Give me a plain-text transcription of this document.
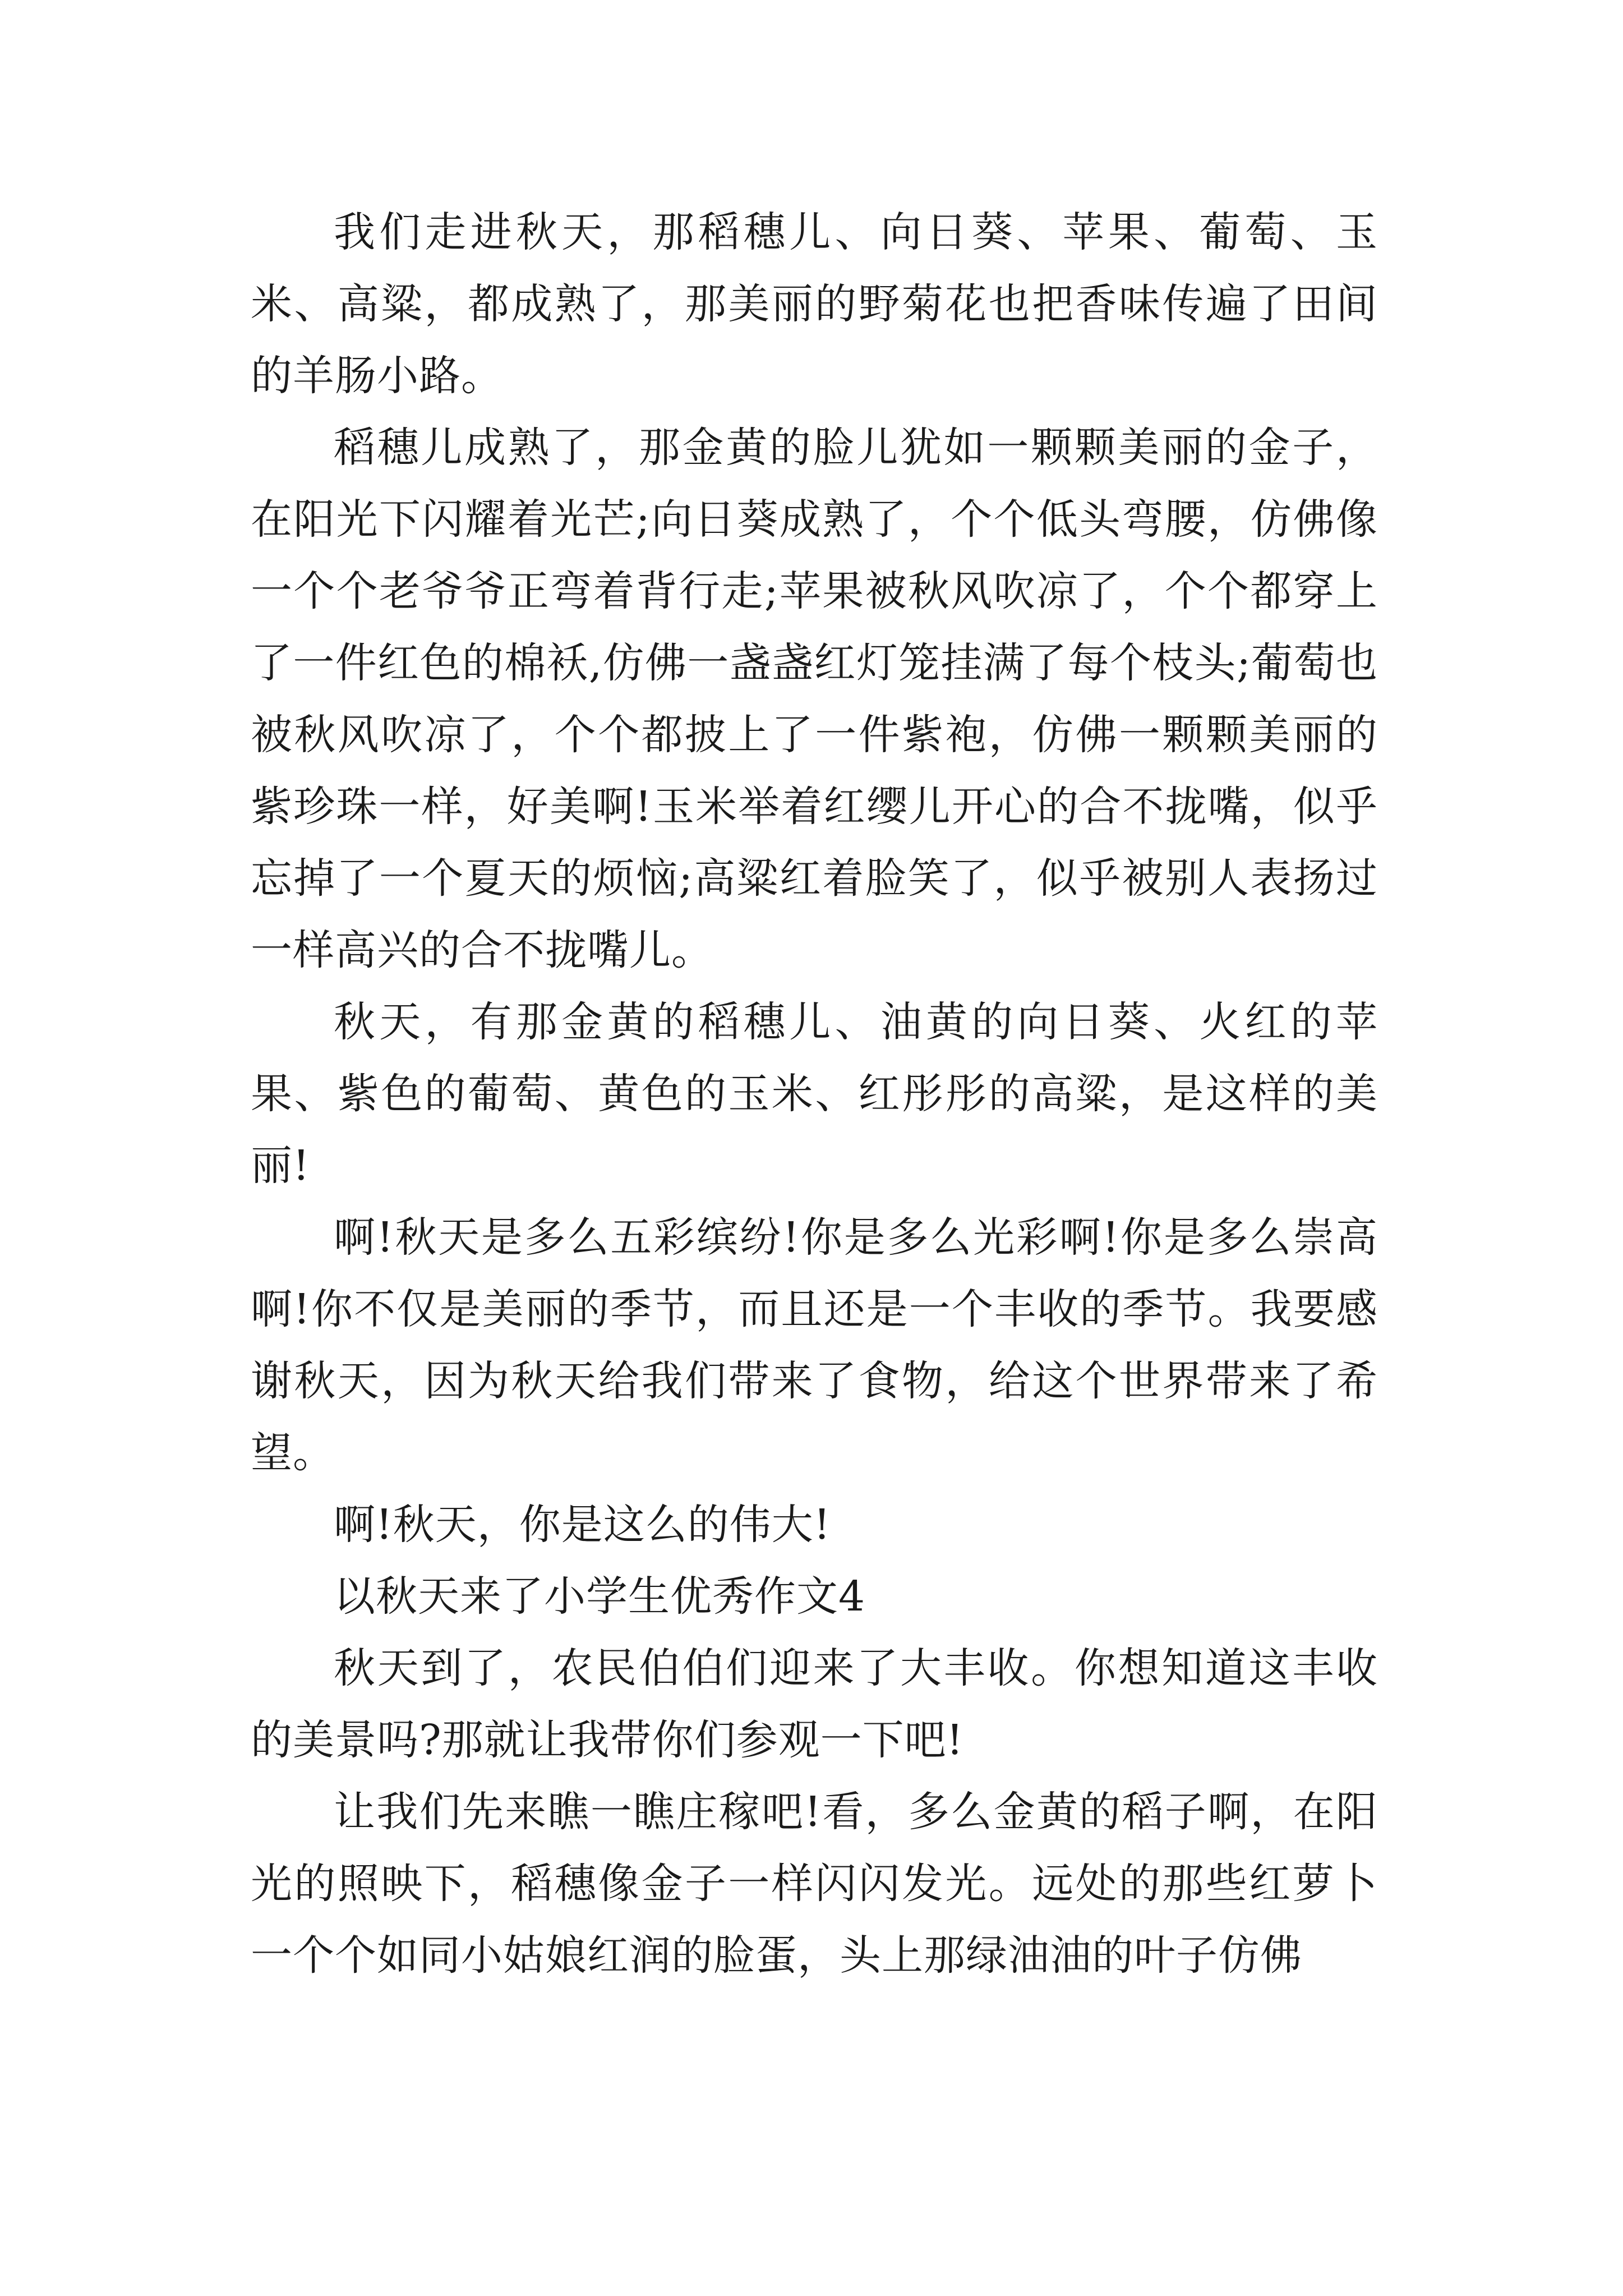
我们走进秋天，那稻穗儿、向日葵、苹果、葡萄、玉米、高粱，都成熟了，那美丽的野菊花也把香味传遍了田间的羊肠小路。

稻穗儿成熟了，那金黄的脸儿犹如一颗颗美丽的金子，在阳光下闪耀着光芒;向日葵成熟了，个个低头弯腰，仿佛像一个个老爷爷正弯着背行走;苹果被秋风吹凉了，个个都穿上了一件红色的棉袄,仿佛一盏盏红灯笼挂满了每个枝头;葡萄也被秋风吹凉了，个个都披上了一件紫袍，仿佛一颗颗美丽的紫珍珠一样，好美啊!玉米举着红缨儿开心的合不拢嘴，似乎忘掉了一个夏天的烦恼;高粱红着脸笑了，似乎被别人表扬过一样高兴的合不拢嘴儿。

秋天，有那金黄的稻穗儿、油黄的向日葵、火红的苹果、紫色的葡萄、黄色的玉米、红彤彤的高粱，是这样的美丽!

啊!秋天是多么五彩缤纷!你是多么光彩啊!你是多么崇高啊!你不仅是美丽的季节，而且还是一个丰收的季节。我要感谢秋天，因为秋天给我们带来了食物，给这个世界带来了希望。

啊!秋天，你是这么的伟大!

以秋天来了小学生优秀作文4

秋天到了，农民伯伯们迎来了大丰收。你想知道这丰收的美景吗?那就让我带你们参观一下吧!

让我们先来瞧一瞧庄稼吧!看，多么金黄的稻子啊，在阳光的照映下，稻穗像金子一样闪闪发光。远处的那些红萝卜一个个如同小姑娘红润的脸蛋，头上那绿油油的叶子仿佛
